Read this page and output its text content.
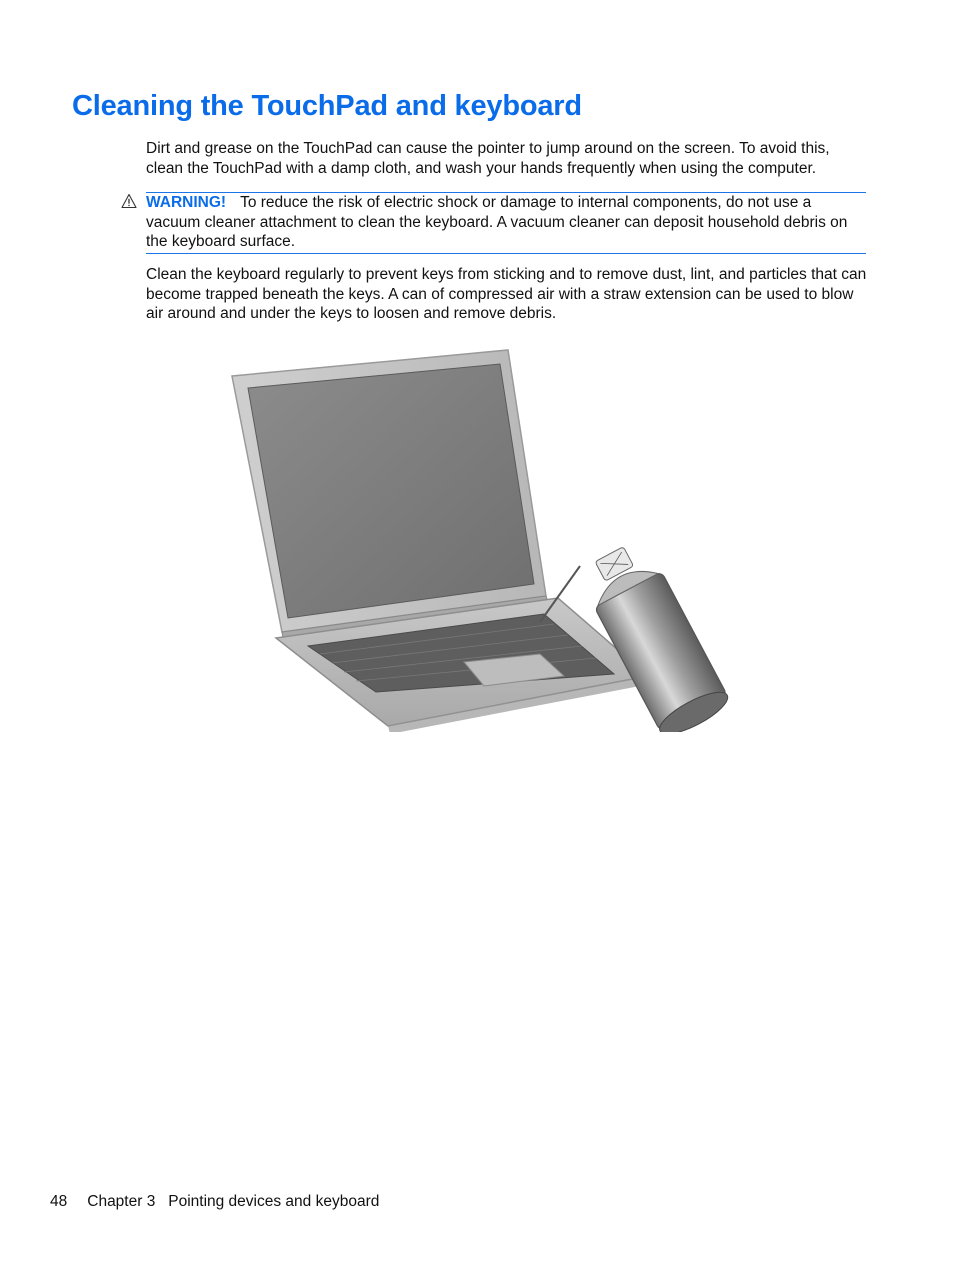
Cleaning the TouchPad and keyboard

Dirt and grease on the TouchPad can cause the pointer to jump around on the screen. To avoid this, clean the TouchPad with a damp cloth, and wash your hands frequently when using the computer.

WARNING! To reduce the risk of electric shock or damage to internal components, do not use a vacuum cleaner attachment to clean the keyboard. A vacuum cleaner can deposit household debris on the keyboard surface.

Clean the keyboard regularly to prevent keys from sticking and to remove dust, lint, and particles that can become trapped beneath the keys. A can of compressed air with a straw extension can be used to blow air around and under the keys to loosen and remove debris.

48 Chapter 3   Pointing devices and keyboard
